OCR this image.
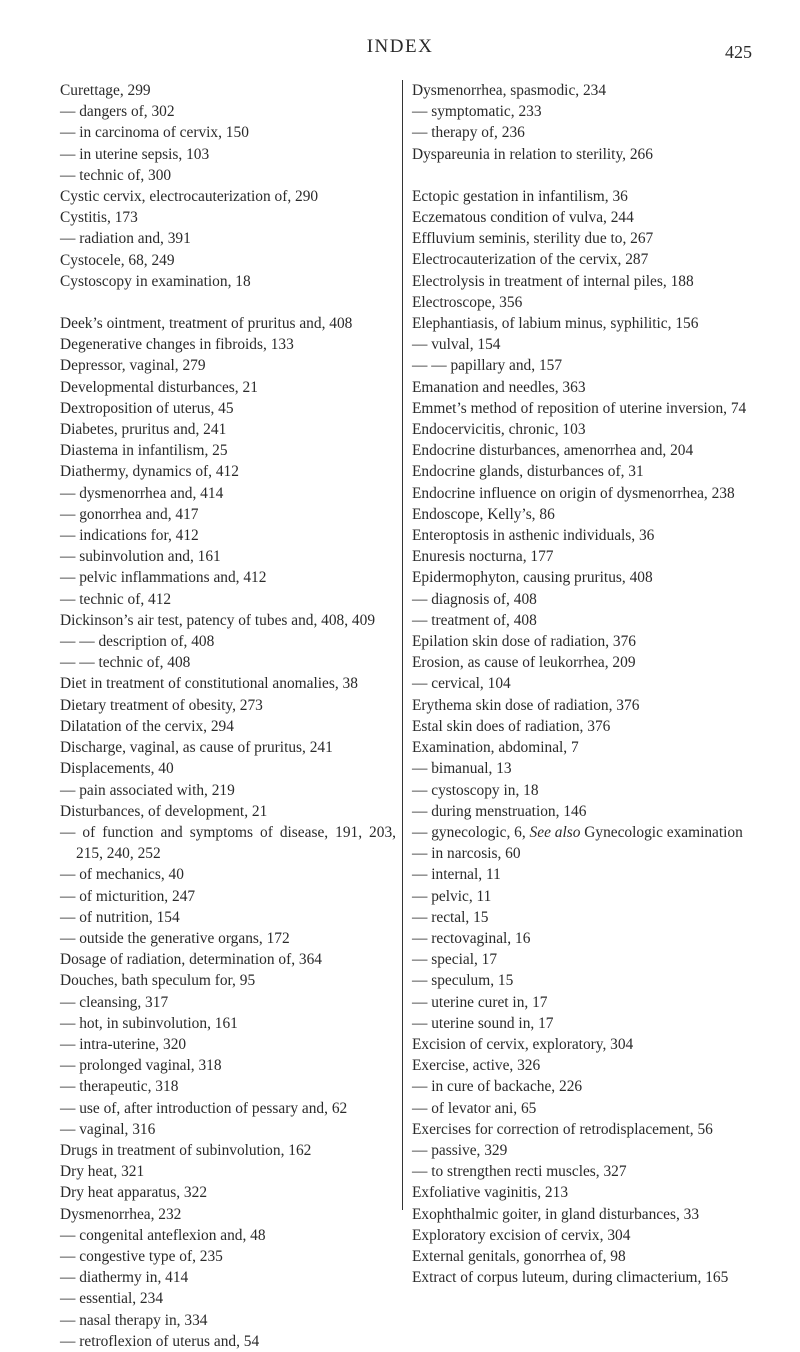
INDEX	425
Curettage, 299
— dangers of, 302
— in carcinoma of cervix, 150
— in uterine sepsis, 103
— technic of, 300
Cystic cervix, electrocauterization of, 290
Cystitis, 173
— radiation and, 391
Cystocele, 68, 249
Cystoscopy in examination, 18
Deek’s ointment, treatment of pruritus and, 408
Degenerative changes in fibroids, 133
Depressor, vaginal, 279
Developmental disturbances, 21
Dextroposition of uterus, 45
Diabetes, pruritus and, 241
Diastema in infantilism, 25
Diathermy, dynamics of, 412
— dysmenorrhea and, 414
— gonorrhea and, 417
— indications for, 412
— subinvolution and, 161
— pelvic inflammations and, 412
— technic of, 412
Dickinson’s air test, patency of tubes and, 408, 409
— — description of, 408
— — technic of, 408
Diet in treatment of constitutional anomalies, 38
Dietary treatment of obesity, 273
Dilatation of the cervix, 294
Discharge, vaginal, as cause of pruritus, 241
Displacements, 40
— pain associated with, 219
Disturbances, of development, 21
— of function and symptoms of disease, 191, 203, 215, 240, 252
— of mechanics, 40
— of micturition, 247
— of nutrition, 154
— outside the generative organs, 172
Dosage of radiation, determination of, 364
Douches, bath speculum for, 95
— cleansing, 317
— hot, in subinvolution, 161
— intra-uterine, 320
— prolonged vaginal, 318
— therapeutic, 318
— use of, after introduction of pessary and, 62
— vaginal, 316
Drugs in treatment of subinvolution, 162
Dry heat, 321
Dry heat apparatus, 322
Dysmenorrhea, 232
— congenital anteflexion and, 48
— congestive type of, 235
— diathermy in, 414
— essential, 234
— nasal therapy in, 334
— retroflexion of uterus and, 54
Dysmenorrhea, spasmodic, 234
— symptomatic, 233
— therapy of, 236
Dyspareunia in relation to sterility, 266
Ectopic gestation in infantilism, 36
Eczematous condition of vulva, 244
Effluvium seminis, sterility due to, 267
Electrocauterization of the cervix, 287
Electrolysis in treatment of internal piles, 188
Electroscope, 356
Elephantiasis, of labium minus, syphilitic, 156
— vulval, 154
— — papillary and, 157
Emanation and needles, 363
Emmet’s method of reposition of uterine inversion, 74
Endocervicitis, chronic, 103
Endocrine disturbances, amenorrhea and, 204
Endocrine glands, disturbances of, 31
Endocrine influence on origin of dysmenorrhea, 238
Endoscope, Kelly’s, 86
Enteroptosis in asthenic individuals, 36
Enuresis nocturna, 177
Epidermophyton, causing pruritus, 408
— diagnosis of, 408
— treatment of, 408
Epilation skin dose of radiation, 376
Erosion, as cause of leukorrhea, 209
— cervical, 104
Erythema skin dose of radiation, 376
Estal skin does of radiation, 376
Examination, abdominal, 7
— bimanual, 13
— cystoscopy in, 18
— during menstruation, 146
— gynecologic, 6, See also Gynecologic examination
— in narcosis, 60
— internal, 11
— pelvic, 11
— rectal, 15
— rectovaginal, 16
— special, 17
— speculum, 15
— uterine curet in, 17
— uterine sound in, 17
Excision of cervix, exploratory, 304
Exercise, active, 326
— in cure of backache, 226
— of levator ani, 65
Exercises for correction of retrodisplacement, 56
— passive, 329
— to strengthen recti muscles, 327
Exfoliative vaginitis, 213
Exophthalmic goiter, in gland disturbances, 33
Exploratory excision of cervix, 304
External genitals, gonorrhea of, 98
Extract of corpus luteum, during climacterium, 165
